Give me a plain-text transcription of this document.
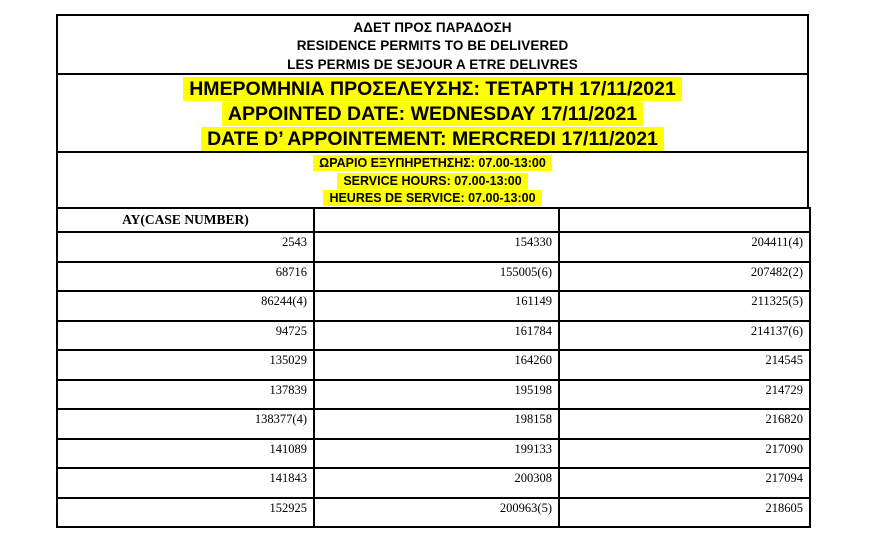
ΑΔΕΤ ΠΡΟΣ ΠΑΡΑΔΟΣΗ
RESIDENCE PERMITS TO BE DELIVERED
LES PERMIS DE SEJOUR A ETRE DELIVRES
ΗΜΕΡΟΜΗΝΙΑ ΠΡΟΣΕΛΕΥΣΗΣ: ΤΕΤΑΡΤΗ 17/11/2021
APPOINTED DATE: WEDNESDAY 17/11/2021
DATE D’ APPOINTEMENT: MERCREDI 17/11/2021
ΩΡΑΡΙΟ ΕΞΥΠΗΡΕΤΗΣΗΣ: 07.00-13:00
SERVICE HOURS: 07.00-13:00
HEURES DE SERVICE: 07.00-13:00
AY(CASE NUMBER)		
2543	154330	204411(4)
68716	155005(6)	207482(2)
86244(4)	161149	211325(5)
94725	161784	214137(6)
135029	164260	214545
137839	195198	214729
138377(4)	198158	216820
141089	199133	217090
141843	200308	217094
152925	200963(5)	218605
